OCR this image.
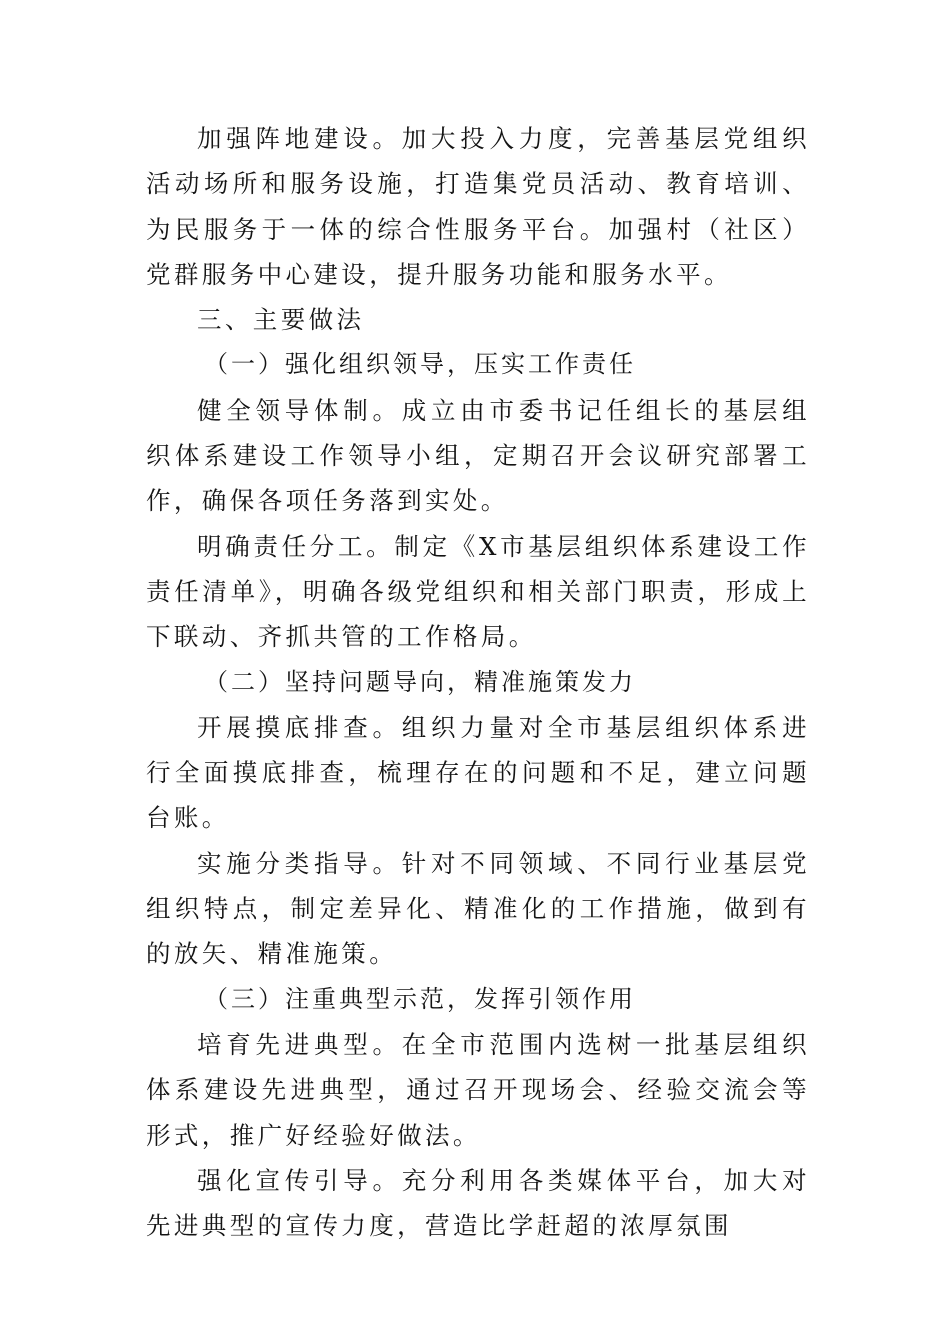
加强阵地建设。加大投入力度，完善基层党组织活动场所和服务设施，打造集党员活动、教育培训、为民服务于一体的综合性服务平台。加强村（社区）党群服务中心建设，提升服务功能和服务水平。

三、主要做法

（一）强化组织领导，压实工作责任

健全领导体制。成立由市委书记任组长的基层组织体系建设工作领导小组，定期召开会议研究部署工作，确保各项任务落到实处。

明确责任分工。制定《X市基层组织体系建设工作责任清单》，明确各级党组织和相关部门职责，形成上下联动、齐抓共管的工作格局。

（二）坚持问题导向，精准施策发力

开展摸底排查。组织力量对全市基层组织体系进行全面摸底排查，梳理存在的问题和不足，建立问题台账。

实施分类指导。针对不同领域、不同行业基层党组织特点，制定差异化、精准化的工作措施，做到有的放矢、精准施策。

（三）注重典型示范，发挥引领作用

培育先进典型。在全市范围内选树一批基层组织体系建设先进典型，通过召开现场会、经验交流会等形式，推广好经验好做法。

强化宣传引导。充分利用各类媒体平台，加大对先进典型的宣传力度，营造比学赶超的浓厚氛围
